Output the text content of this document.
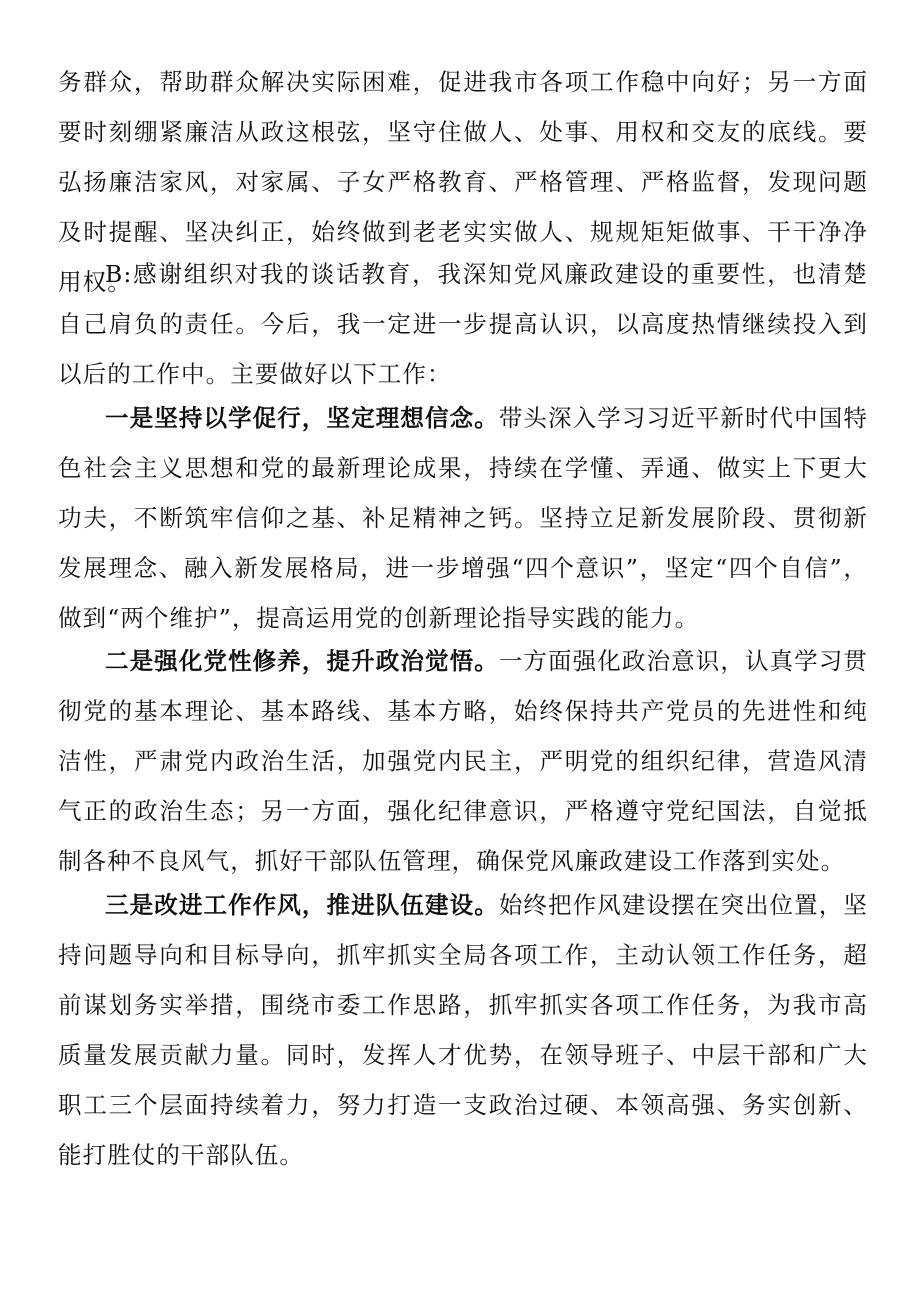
务群众，帮助群众解决实际困难，促进我市各项工作稳中向好；另一方面要时刻绷紧廉洁从政这根弦，坚守住做人、处事、用权和交友的底线。要弘扬廉洁家风，对家属、子女严格教育、严格管理、严格监督，发现问题及时提醒、坚决纠正，始终做到老老实实做人、规规矩矩做事、干干净净用权。

B:感谢组织对我的谈话教育，我深知党风廉政建设的重要性，也清楚自己肩负的责任。今后，我一定进一步提高认识，以高度热情继续投入到以后的工作中。主要做好以下工作：

一是坚持以学促行，坚定理想信念。带头深入学习习近平新时代中国特色社会主义思想和党的最新理论成果，持续在学懂、弄通、做实上下更大功夫，不断筑牢信仰之基、补足精神之钙。坚持立足新发展阶段、贯彻新发展理念、融入新发展格局，进一步增强“四个意识”，坚定“四个自信”，做到“两个维护”，提高运用党的创新理论指导实践的能力。

二是强化党性修养，提升政治觉悟。一方面强化政治意识，认真学习贯彻党的基本理论、基本路线、基本方略，始终保持共产党员的先进性和纯洁性，严肃党内政治生活，加强党内民主，严明党的组织纪律，营造风清气正的政治生态；另一方面，强化纪律意识，严格遵守党纪国法，自觉抵制各种不良风气，抓好干部队伍管理，确保党风廉政建设工作落到实处。

三是改进工作作风，推进队伍建设。始终把作风建设摆在突出位置，坚持问题导向和目标导向，抓牢抓实全局各项工作，主动认领工作任务，超前谋划务实举措，围绕市委工作思路，抓牢抓实各项工作任务，为我市高质量发展贡献力量。同时，发挥人才优势，在领导班子、中层干部和广大职工三个层面持续着力，努力打造一支政治过硬、本领高强、务实创新、能打胜仗的干部队伍。
